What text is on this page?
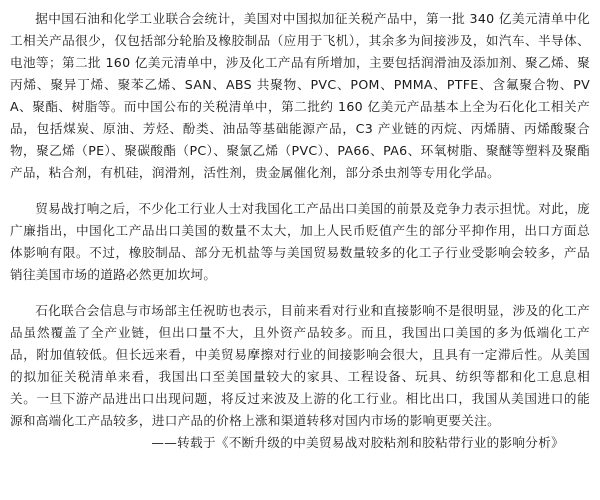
据中国石油和化学工业联合会统计，美国对中国拟加征关税产品中，第一批 340 亿美元清单中化工相关产品很少，仅包括部分轮胎及橡胶制品（应用于飞机），其余多为间接涉及，如汽车、半导体、电池等；第二批 160 亿美元清单中，涉及化工产品有所增加，主要包括润滑油及添加剂、聚乙烯、聚丙烯、聚异丁烯、聚苯乙烯、SAN、ABS 共聚物、PVC、POM、PMMA、PTFE、含氟聚合物、PVA、聚酯、树脂等。而中国公布的关税清单中，第二批约 160 亿美元产品基本上全为石化化工相关产品，包括煤炭、原油、芳烃、酚类、油品等基础能源产品，C3 产业链的丙烷、丙烯腈、丙烯酸聚合物，聚乙烯（PE）、聚碳酸酯（PC）、聚氯乙烯（PVC）、PA66、PA6、环氧树脂、聚醚等塑料及聚酯产品，粘合剂，有机硅，润滑剂，活性剂，贵金属催化剂，部分杀虫剂等专用化学品。

贸易战打响之后，不少化工行业人士对我国化工产品出口美国的前景及竞争力表示担忧。对此，庞广廉指出，中国化工产品出口美国的数量不太大，加上人民币贬值产生的部分平抑作用，出口方面总体影响有限。不过，橡胶制品、部分无机盐等与美国贸易数量较多的化工子行业受影响会较多，产品销往美国市场的道路必然更加坎坷。

石化联合会信息与市场部主任祝昉也表示，目前来看对行业和直接影响不是很明显，涉及的化工产品虽然覆盖了全产业链，但出口量不大，且外资产品较多。而且，我国出口美国的多为低端化工产品，附加值较低。但长远来看，中美贸易摩擦对行业的间接影响会很大，且具有一定滞后性。从美国的拟加征关税清单来看，我国出口至美国量较大的家具、工程设备、玩具、纺织等都和化工息息相关。一旦下游产品进出口出现问题，将反过来波及上游的化工行业。相比出口，我国从美国进口的能源和高端化工产品较多，进口产品的价格上涨和渠道转移对国内市场的影响更要关注。

——转载于《不断升级的中美贸易战对胶粘剂和胶粘带行业的影响分析》
